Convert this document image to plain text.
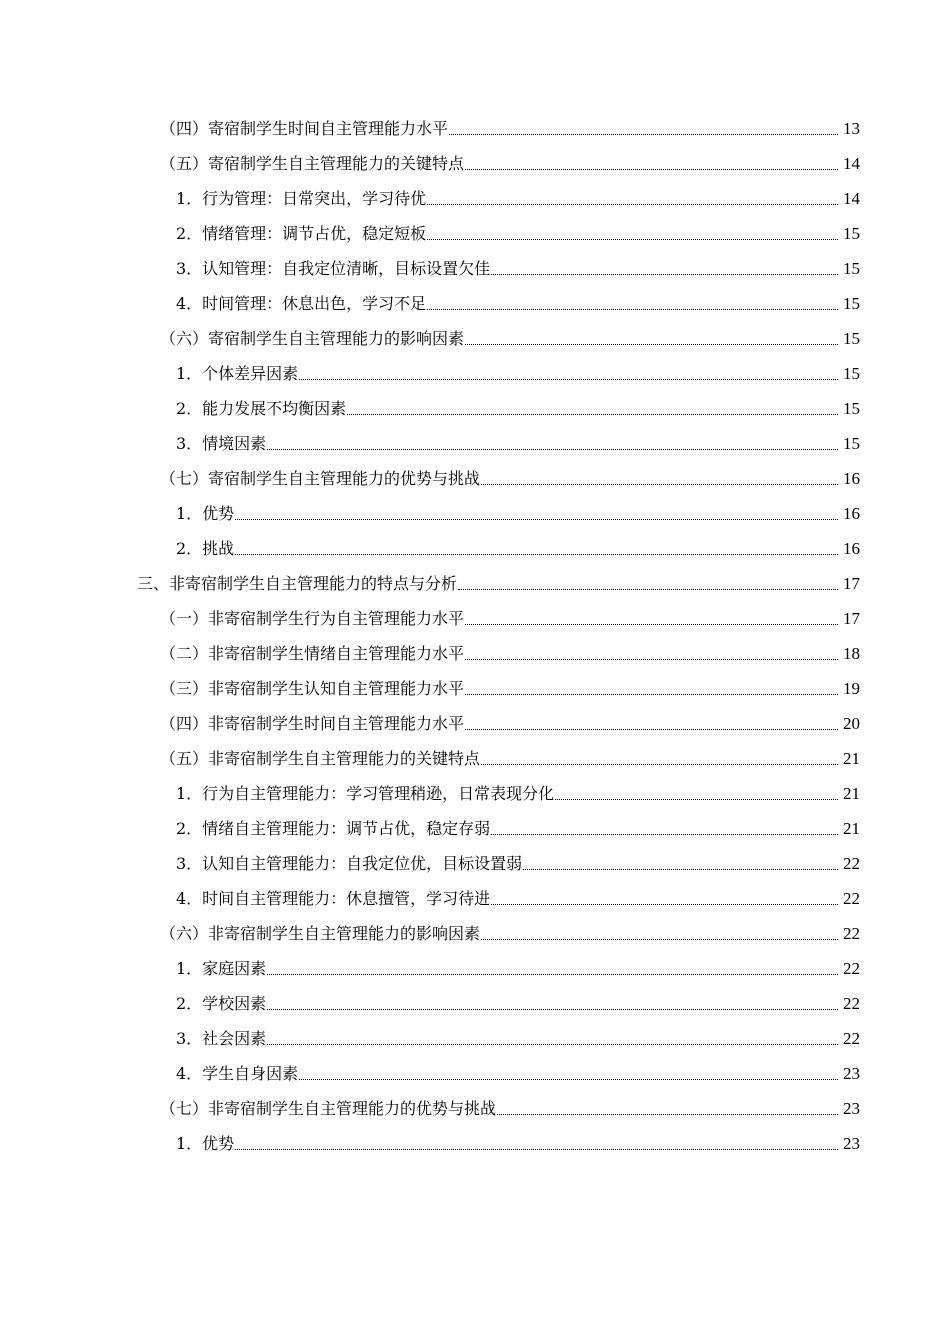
（四）寄宿制学生时间自主管理能力水平	13
（五）寄宿制学生自主管理能力的关键特点	14
1．行为管理：日常突出，学习待优	14
2．情绪管理：调节占优，稳定短板	15
3．认知管理：自我定位清晰，目标设置欠佳	15
4．时间管理：休息出色，学习不足	15
（六）寄宿制学生自主管理能力的影响因素	15
1．个体差异因素	15
2．能力发展不均衡因素	15
3．情境因素	15
（七）寄宿制学生自主管理能力的优势与挑战	16
1．优势	16
2．挑战	16
三、非寄宿制学生自主管理能力的特点与分析	17
（一）非寄宿制学生行为自主管理能力水平	17
（二）非寄宿制学生情绪自主管理能力水平	18
（三）非寄宿制学生认知自主管理能力水平	19
（四）非寄宿制学生时间自主管理能力水平	20
（五）非寄宿制学生自主管理能力的关键特点	21
1．行为自主管理能力：学习管理稍逊，日常表现分化	21
2．情绪自主管理能力：调节占优，稳定存弱	21
3．认知自主管理能力：自我定位优，目标设置弱	22
4．时间自主管理能力：休息擅管，学习待进	22
（六）非寄宿制学生自主管理能力的影响因素	22
1．家庭因素	22
2．学校因素	22
3．社会因素	22
4．学生自身因素	23
（七）非寄宿制学生自主管理能力的优势与挑战	23
1．优势	23
